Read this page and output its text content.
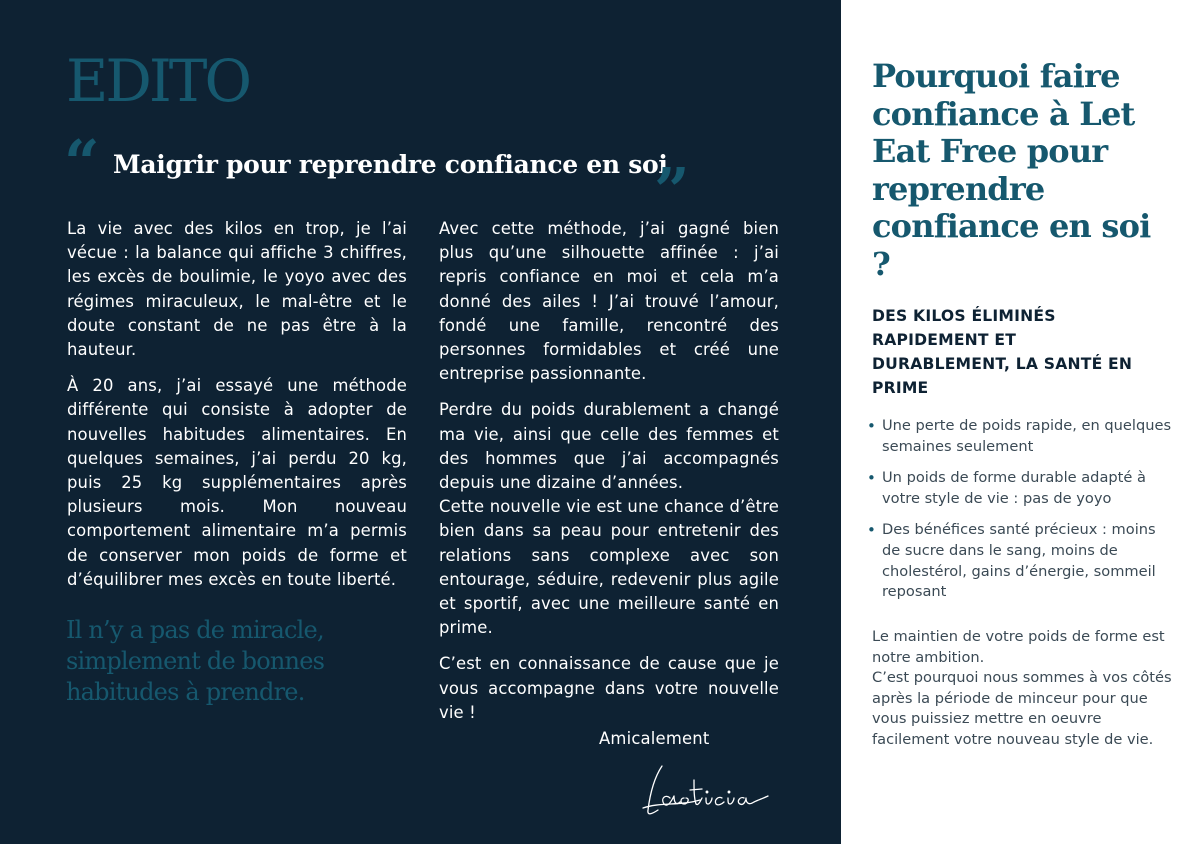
EDITO
“ Maigrir pour reprendre confiance en soi
”

La vie avec des kilos en trop, je l’ai vécue : la balance qui affiche 3 chiffres, les excès de boulimie, le yoyo avec des régimes miraculeux, le mal-être et le doute constant de ne pas être à la hauteur.

À 20 ans, j’ai essayé une méthode différente qui consiste à adopter de nouvelles habitudes alimentaires. En quelques semaines, j’ai perdu 20 kg, puis 25 kg supplémentaires après plusieurs mois. Mon nouveau comportement alimentaire m’a permis de conserver mon poids de forme et d’équilibrer mes excès en toute liberté.

Il n’y a pas de miracle, simplement de bonnes habitudes à prendre.

Avec cette méthode, j’ai gagné bien plus qu’une silhouette affinée : j’ai repris confiance en moi et cela m’a donné des ailes ! J’ai trouvé l’amour, fondé une famille, rencontré des personnes formidables et créé une entreprise passionnante.

Perdre du poids durablement a changé ma vie, ainsi que celle des femmes et des hommes que j’ai accompagnés depuis une dizaine d’années.

Cette nouvelle vie est une chance d’être bien dans sa peau pour entretenir des relations sans complexe avec son entourage, séduire, redevenir plus agile et sportif, avec une meilleure santé en prime.

C’est en connaissance de cause que je vous accompagne dans votre nouvelle vie !

Amicalement
Pourquoi faire confiance à Let Eat Free pour reprendre confiance en soi ?
DES KILOS ÉLIMINÉS RAPIDEMENT ET DURABLEMENT, LA SANTÉ EN PRIME
• Une perte de poids rapide, en quelques semaines seulement
• Un poids de forme durable adapté à votre style de vie : pas de yoyo
• Des bénéfices santé précieux : moins de sucre dans le sang, moins de cholestérol, gains d’énergie, sommeil reposant
Le maintien de votre poids de forme est notre ambition.
C’est pourquoi nous sommes à vos côtés après la période de minceur pour que vous puissiez mettre en oeuvre facilement votre nouveau style de vie.
